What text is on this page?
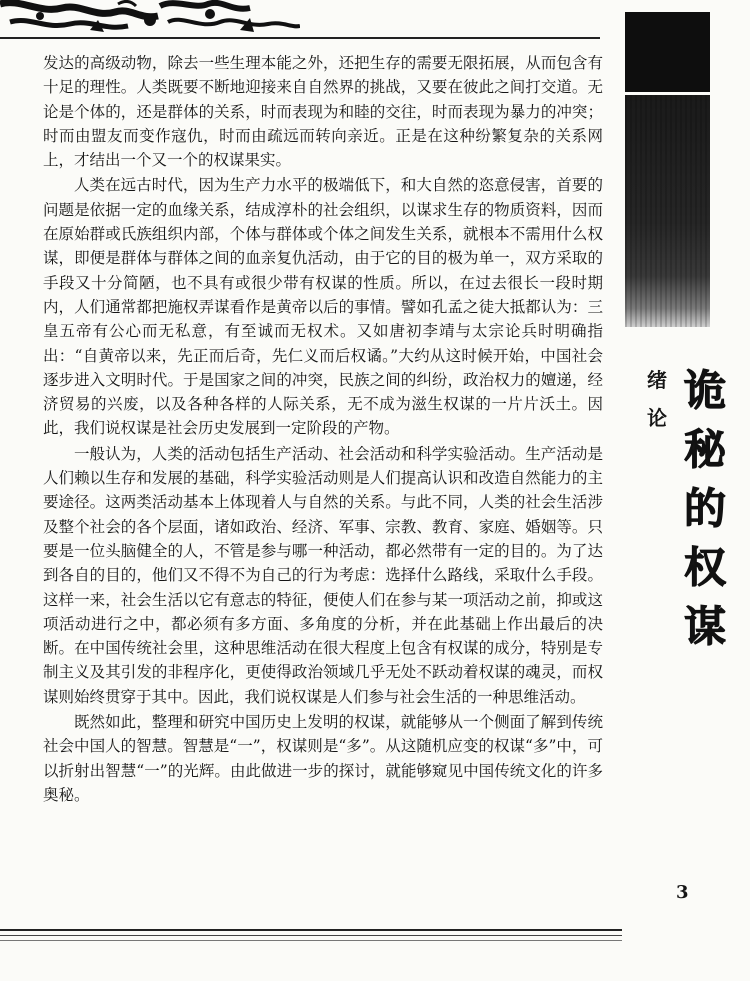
绪
论
诡
秘
的
权
谋

发达的高级动物，除去一些生理本能之外，还把生存的需要无限拓展，从而包含有十足的理性。人类既要不断地迎接来自自然界的挑战，又要在彼此之间打交道。无论是个体的，还是群体的关系，时而表现为和睦的交往，时而表现为暴力的冲突；时而由盟友而变作寇仇，时而由疏远而转向亲近。正是在这种纷繁复杂的关系网上，才结出一个又一个的权谋果实。

人类在远古时代，因为生产力水平的极端低下，和大自然的恣意侵害，首要的问题是依据一定的血缘关系，结成淳朴的社会组织，以谋求生存的物质资料，因而在原始群或氏族组织内部，个体与群体或个体之间发生关系，就根本不需用什么权谋，即便是群体与群体之间的血亲复仇活动，由于它的目的极为单一，双方采取的手段又十分简陋，也不具有或很少带有权谋的性质。所以，在过去很长一段时期内，人们通常都把施权弄谋看作是黄帝以后的事情。譬如孔孟之徒大抵都认为：三皇五帝有公心而无私意，有至诚而无权术。又如唐初李靖与太宗论兵时明确指出：“自黄帝以来，先正而后奇，先仁义而后权谲。”大约从这时候开始，中国社会逐步进入文明时代。于是国家之间的冲突，民族之间的纠纷，政治权力的嬗递，经济贸易的兴废，以及各种各样的人际关系，无不成为滋生权谋的一片片沃土。因此，我们说权谋是社会历史发展到一定阶段的产物。

一般认为，人类的活动包括生产活动、社会活动和科学实验活动。生产活动是人们赖以生存和发展的基础，科学实验活动则是人们提高认识和改造自然能力的主要途径。这两类活动基本上体现着人与自然的关系。与此不同，人类的社会生活涉及整个社会的各个层面，诸如政治、经济、军事、宗教、教育、家庭、婚姻等。只要是一位头脑健全的人，不管是参与哪一种活动，都必然带有一定的目的。为了达到各自的目的，他们又不得不为自己的行为考虑：选择什么路线，采取什么手段。这样一来，社会生活以它有意志的特征，便使人们在参与某一项活动之前，抑或这项活动进行之中，都必须有多方面、多角度的分析，并在此基础上作出最后的决断。在中国传统社会里，这种思维活动在很大程度上包含有权谋的成分，特别是专制主义及其引发的非程序化，更使得政治领域几乎无处不跃动着权谋的魂灵，而权谋则始终贯穿于其中。因此，我们说权谋是人们参与社会生活的一种思维活动。

既然如此，整理和研究中国历史上发明的权谋，就能够从一个侧面了解到传统社会中国人的智慧。智慧是“一”，权谋则是“多”。从这随机应变的权谋“多”中，可以折射出智慧“一”的光辉。由此做进一步的探讨，就能够窥见中国传统文化的许多奥秘。

3
